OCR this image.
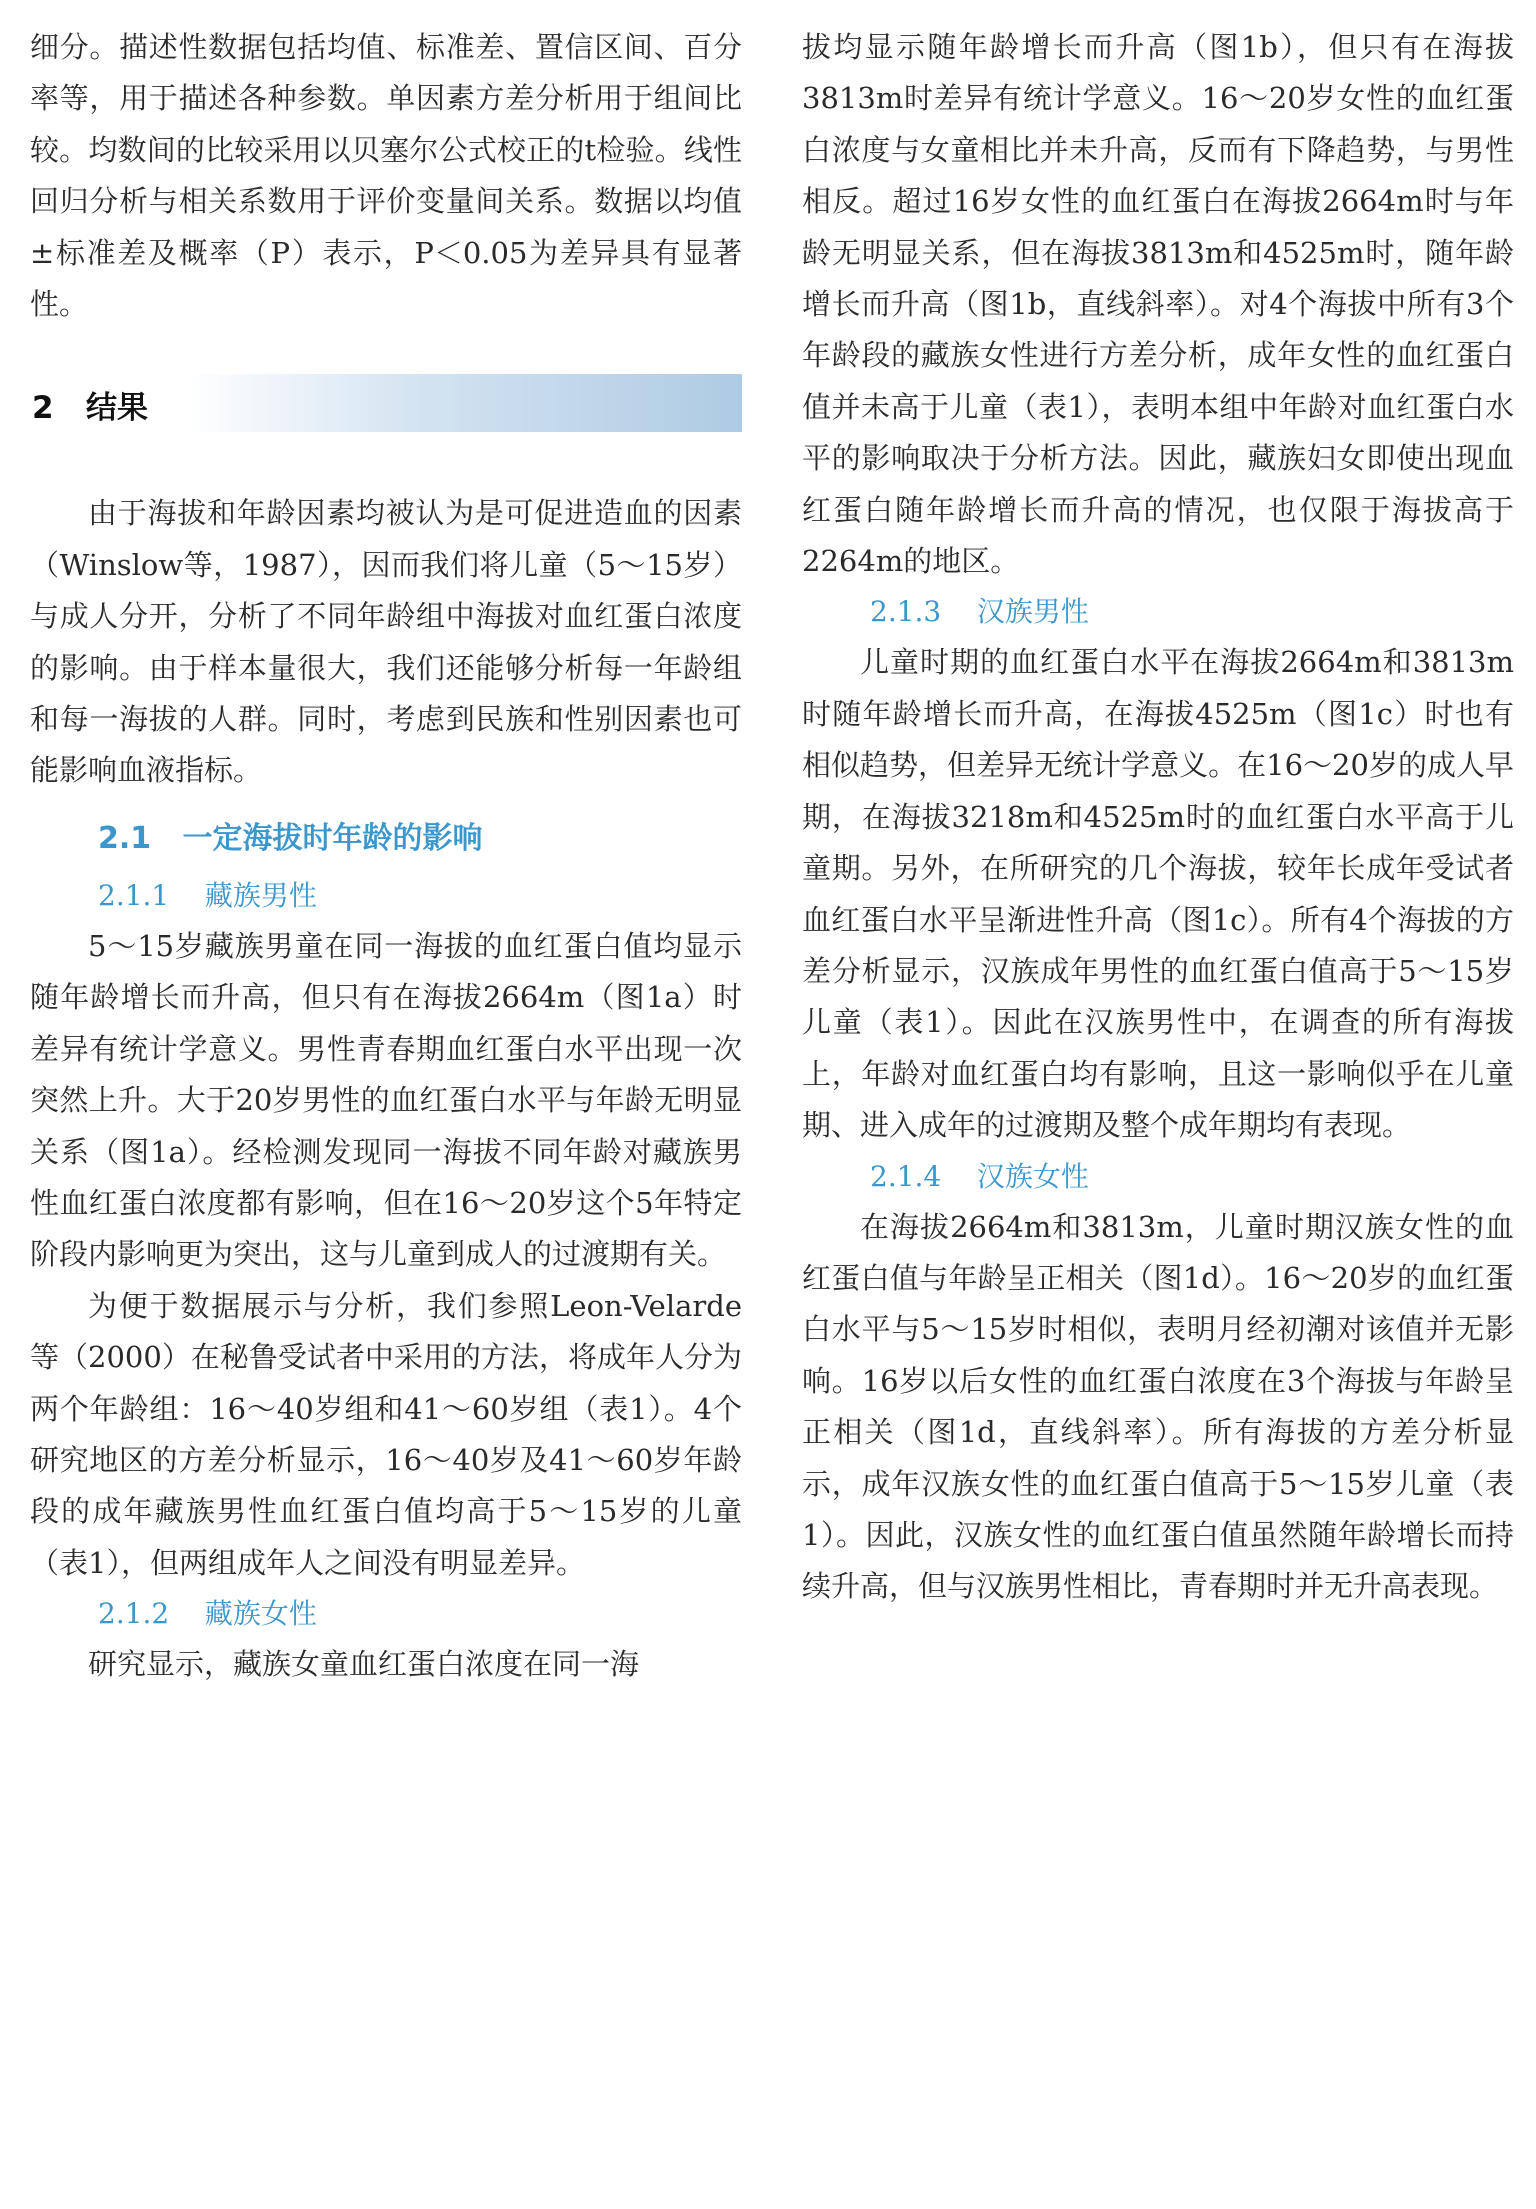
细分。描述性数据包括均值、标准差、置信区间、百分率等，用于描述各种参数。单因素方差分析用于组间比较。均数间的比较采用以贝塞尔公式校正的t检验。线性回归分析与相关系数用于评价变量间关系。数据以均值±标准差及概率（P）表示，P＜0.05为差异具有显著性。

2   结果

由于海拔和年龄因素均被认为是可促进造血的因素（Winslow等，1987），因而我们将儿童（5～15岁）与成人分开，分析了不同年龄组中海拔对血红蛋白浓度的影响。由于样本量很大，我们还能够分析每一年龄组和每一海拔的人群。同时，考虑到民族和性别因素也可能影响血液指标。

2.1   一定海拔时年龄的影响
2.1.1    藏族男性

5～15岁藏族男童在同一海拔的血红蛋白值均显示随年龄增长而升高，但只有在海拔2664m（图1a）时差异有统计学意义。男性青春期血红蛋白水平出现一次突然上升。大于20岁男性的血红蛋白水平与年龄无明显关系（图1a）。经检测发现同一海拔不同年龄对藏族男性血红蛋白浓度都有影响，但在16～20岁这个5年特定阶段内影响更为突出，这与儿童到成人的过渡期有关。

为便于数据展示与分析，我们参照Leon-Velarde等（2000）在秘鲁受试者中采用的方法，将成年人分为两个年龄组：16～40岁组和41～60岁组（表1）。4个研究地区的方差分析显示，16～40岁及41～60岁年龄段的成年藏族男性血红蛋白值均高于5～15岁的儿童（表1），但两组成年人之间没有明显差异。

2.1.2    藏族女性

研究显示，藏族女童血红蛋白浓度在同一海

拔均显示随年龄增长而升高（图1b），但只有在海拔3813m时差异有统计学意义。16～20岁女性的血红蛋白浓度与女童相比并未升高，反而有下降趋势，与男性相反。超过16岁女性的血红蛋白在海拔2664m时与年龄无明显关系，但在海拔3813m和4525m时，随年龄增长而升高（图1b，直线斜率）。对4个海拔中所有3个年龄段的藏族女性进行方差分析，成年女性的血红蛋白值并未高于儿童（表1），表明本组中年龄对血红蛋白水平的影响取决于分析方法。因此，藏族妇女即使出现血红蛋白随年龄增长而升高的情况，也仅限于海拔高于2264m的地区。

2.1.3    汉族男性

儿童时期的血红蛋白水平在海拔2664m和3813m时随年龄增长而升高，在海拔4525m（图1c）时也有相似趋势，但差异无统计学意义。在16～20岁的成人早期，在海拔3218m和4525m时的血红蛋白水平高于儿童期。另外，在所研究的几个海拔，较年长成年受试者血红蛋白水平呈渐进性升高（图1c）。所有4个海拔的方差分析显示，汉族成年男性的血红蛋白值高于5～15岁儿童（表1）。因此在汉族男性中，在调查的所有海拔上，年龄对血红蛋白均有影响，且这一影响似乎在儿童期、进入成年的过渡期及整个成年期均有表现。

2.1.4    汉族女性

在海拔2664m和3813m，儿童时期汉族女性的血红蛋白值与年龄呈正相关（图1d）。16～20岁的血红蛋白水平与5～15岁时相似，表明月经初潮对该值并无影响。16岁以后女性的血红蛋白浓度在3个海拔与年龄呈正相关（图1d，直线斜率）。所有海拔的方差分析显示，成年汉族女性的血红蛋白值高于5～15岁儿童（表1）。因此，汉族女性的血红蛋白值虽然随年龄增长而持续升高，但与汉族男性相比，青春期时并无升高表现。
